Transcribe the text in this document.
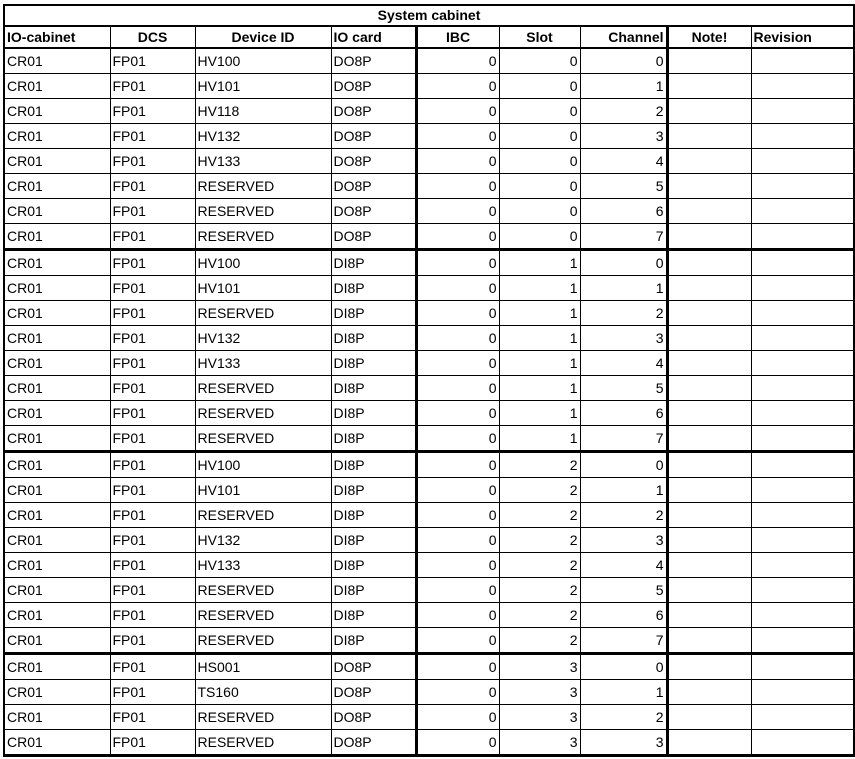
System cabinet								
IO-cabinet	DCS	Device ID	IO card	IBC	Slot	Channel	Note!	Revision
CR01	FP01	HV100	DO8P	0	0	0		
CR01	FP01	HV101	DO8P	0	0	1		
CR01	FP01	HV118	DO8P	0	0	2		
CR01	FP01	HV132	DO8P	0	0	3		
CR01	FP01	HV133	DO8P	0	0	4		
CR01	FP01	RESERVED	DO8P	0	0	5		
CR01	FP01	RESERVED	DO8P	0	0	6		
CR01	FP01	RESERVED	DO8P	0	0	7		
CR01	FP01	HV100	DI8P	0	1	0		
CR01	FP01	HV101	DI8P	0	1	1		
CR01	FP01	RESERVED	DI8P	0	1	2		
CR01	FP01	HV132	DI8P	0	1	3		
CR01	FP01	HV133	DI8P	0	1	4		
CR01	FP01	RESERVED	DI8P	0	1	5		
CR01	FP01	RESERVED	DI8P	0	1	6		
CR01	FP01	RESERVED	DI8P	0	1	7		
CR01	FP01	HV100	DI8P	0	2	0		
CR01	FP01	HV101	DI8P	0	2	1		
CR01	FP01	RESERVED	DI8P	0	2	2		
CR01	FP01	HV132	DI8P	0	2	3		
CR01	FP01	HV133	DI8P	0	2	4		
CR01	FP01	RESERVED	DI8P	0	2	5		
CR01	FP01	RESERVED	DI8P	0	2	6		
CR01	FP01	RESERVED	DI8P	0	2	7		
CR01	FP01	HS001	DO8P	0	3	0		
CR01	FP01	TS160	DO8P	0	3	1		
CR01	FP01	RESERVED	DO8P	0	3	2		
CR01	FP01	RESERVED	DO8P	0	3	3		
